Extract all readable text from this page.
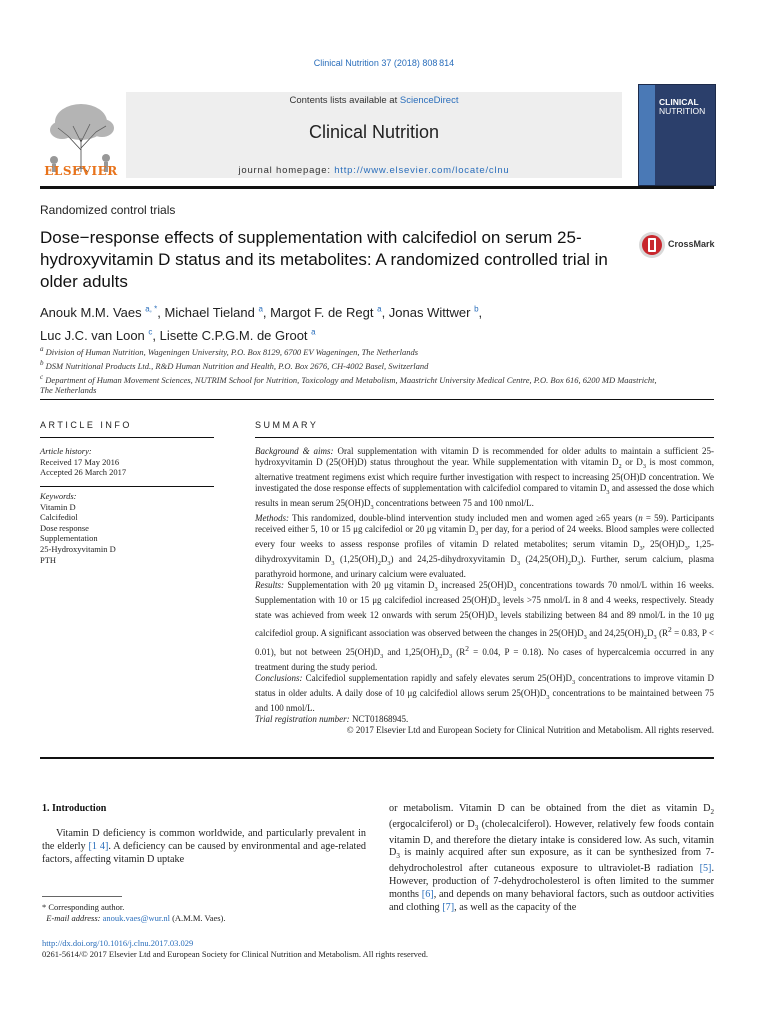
Clinical Nutrition 37 (2018) 808 814
ELSEVIER
Contents lists available at ScienceDirect
Clinical Nutrition
journal homepage: http://www.elsevier.com/locate/clnu
CLINICAL
NUTRITION
Randomized control trials
Dose−response effects of supplementation with calcifediol on serum 25-hydroxyvitamin D status and its metabolites: A randomized controlled trial in older adults
CrossMark
Anouk M.M. Vaes $^{a, *}$, Michael Tieland $^a$, Margot F. de Regt $^a$, Jonas Wittwer $^b$,
Luc J.C. van Loon $^c$, Lisette C.P.G.M. de Groot $^a$
$^a$ Division of Human Nutrition, Wageningen University, P.O. Box 8129, 6700 EV Wageningen, The Netherlands
$^b$ DSM Nutritional Products Ltd., R&D Human Nutrition and Health, P.O. Box 2676, CH-4002 Basel, Switzerland
$^c$ Department of Human Movement Sciences, NUTRIM School for Nutrition, Toxicology and Metabolism, Maastricht University Medical Centre, P.O. Box 616, 6200 MD Maastricht, The Netherlands
ARTICLE INFO	SUMMARY
Article history:
Received 17 May 2016
Accepted 26 March 2017
Keywords:
Vitamin D
Calcifediol
Dose response
Supplementation
25-Hydroxyvitamin D
PTH

Background & aims: Oral supplementation with vitamin D is recommended for older adults to maintain a sufficient 25-hydroxyvitamin D (25(OH)D) status throughout the year. While supplementation with vitamin $D_2$ or $D_3$ is most common, alternative treatment regimens exist which require further investigation with respect to increasing 25(OH)D concentration. We investigated the dose response effects of supplementation with calcifediol compared to vitamin $D_3$ and assessed the dose which results in mean serum $25(OH)D_3$ concentrations between 75 and 100 nmol/L.

Methods: This randomized, double-blind intervention study included men and women aged ≥65 years (n = 59). Participants received either 5, 10 or 15 μg calcifediol or 20 μg vitamin $D_3$ per day, for a period of 24 weeks. Blood samples were collected every four weeks to assess response profiles of vitamin D related metabolites; serum vitamin $D_3$, $25(OH)D_3$, 1,25-dihydroxyvitamin $D_3$ $(1,25(OH)_2D_3)$ and 24,25-dihydroxyvitamin $D_3$ $(24,25(OH)_2D_3)$. Further, serum calcium, plasma parathyroid hormone, and urinary calcium were evaluated.

Results: Supplementation with 20 μg vitamin $D_3$ increased $25(OH)D_3$ concentrations towards 70 nmol/L within 16 weeks. Supplementation with 10 or 15 μg calcifediol increased $25(OH)D_3$ levels >75 nmol/L in 8 and 4 weeks, respectively. Steady state was achieved from week 12 onwards with serum $25(OH)D_3$ levels stabilizing between 84 and 89 nmol/L in the 10 μg calcifediol group. A significant association was observed between the changes in $25(OH)D_3$ and $24,25(OH)_2D_3$ ($R^2 = 0.83$, P < 0.01), but not between $25(OH)D_3$ and $1,25(OH)_2D_3$ ($R^2 = 0.04$, P = 0.18). No cases of hypercalcemia occurred in any treatment during the study period.

Conclusions: Calcifediol supplementation rapidly and safely elevates serum $25(OH)D_3$ concentrations to improve vitamin D status in older adults. A daily dose of 10 μg calcifediol allows serum $25(OH)D_3$ concentrations to be maintained between 75 and 100 nmol/L.

Trial registration number: NCT01868945.

© 2017 Elsevier Ltd and European Society for Clinical Nutrition and Metabolism. All rights reserved.

1. Introduction
Vitamin D deficiency is common worldwide, and particularly prevalent in the elderly [1 4]. A deficiency can be caused by environmental and age-related factors, affecting vitamin D uptake
or metabolism. Vitamin D can be obtained from the diet as vitamin $D_2$ (ergocalciferol) or $D_3$ (cholecalciferol). However, relatively few foods contain vitamin D, and therefore the dietary intake is considered low. As such, vitamin $D_3$ is mainly acquired after sun exposure, as it can be synthesized from 7-dehydrocholestrol after cutaneous exposure to ultraviolet-B radiation [5]. However, production of 7-dehydrocholesterol is often limited to the summer months [6], and depends on many behavioral factors, such as outdoor activities and clothing [7], as well as the capacity of the
* Corresponding author.
E-mail address: anouk.vaes@wur.nl (A.M.M. Vaes).
http://dx.doi.org/10.1016/j.clnu.2017.03.029
0261-5614/© 2017 Elsevier Ltd and European Society for Clinical Nutrition and Metabolism. All rights reserved.
